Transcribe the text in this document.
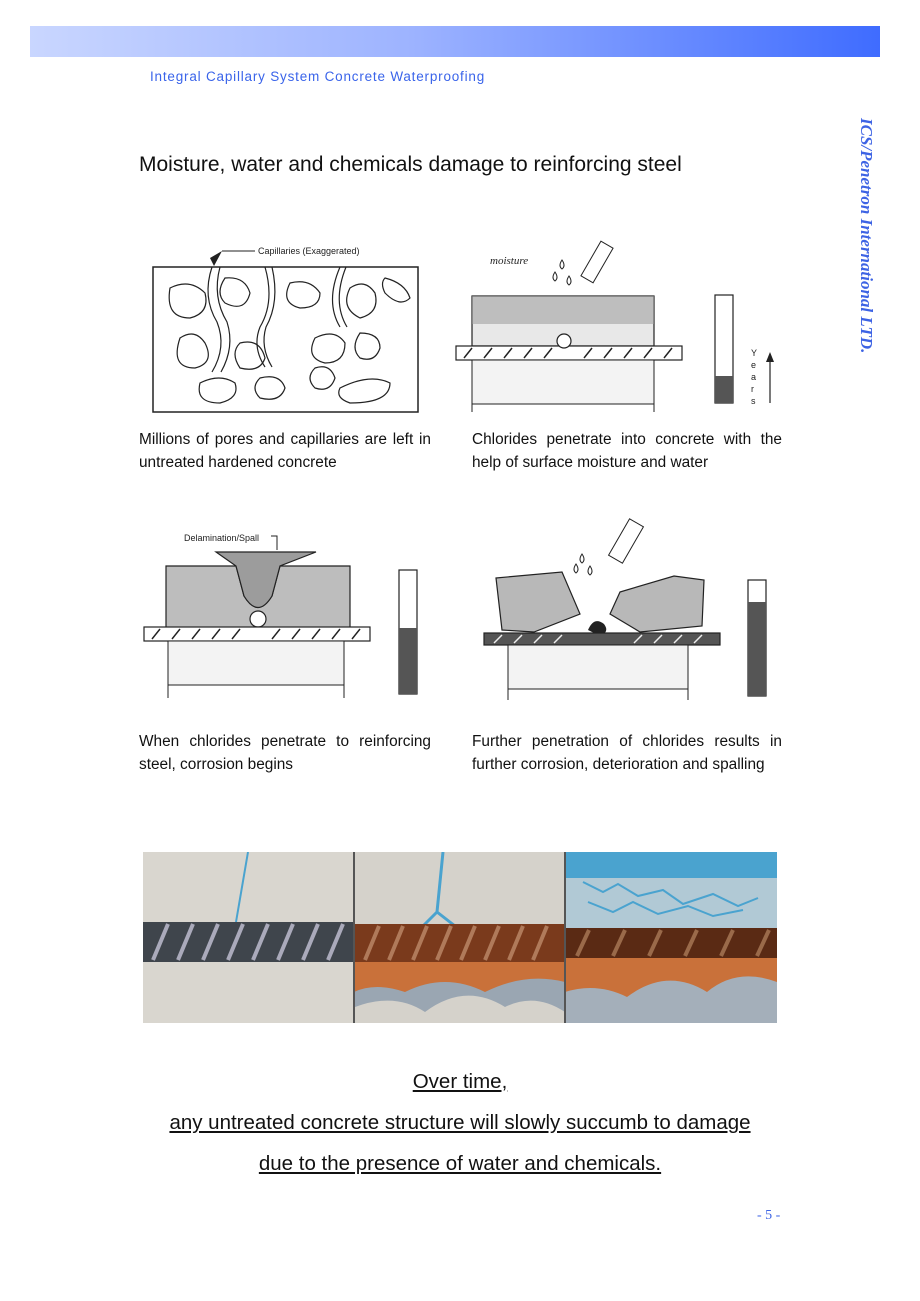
Integral Capillary System Concrete Waterproofing
ICS/Penetron International LTD.
Moisture, water and chemicals damage to reinforcing steel
Capillaries (Exaggerated)

Millions of pores and capillaries are left in untreated hardened concrete

moisture
Y
e
a
r
s

Chlorides penetrate into concrete with the help of surface moisture and water

Delamination/Spall

When chlorides penetrate to reinforcing steel, corrosion begins

Further penetration of chlorides results in further corrosion, deterioration and spalling

Over time,

any untreated concrete structure will slowly succumb to damage

due to the presence of water and chemicals.

- 5 -
